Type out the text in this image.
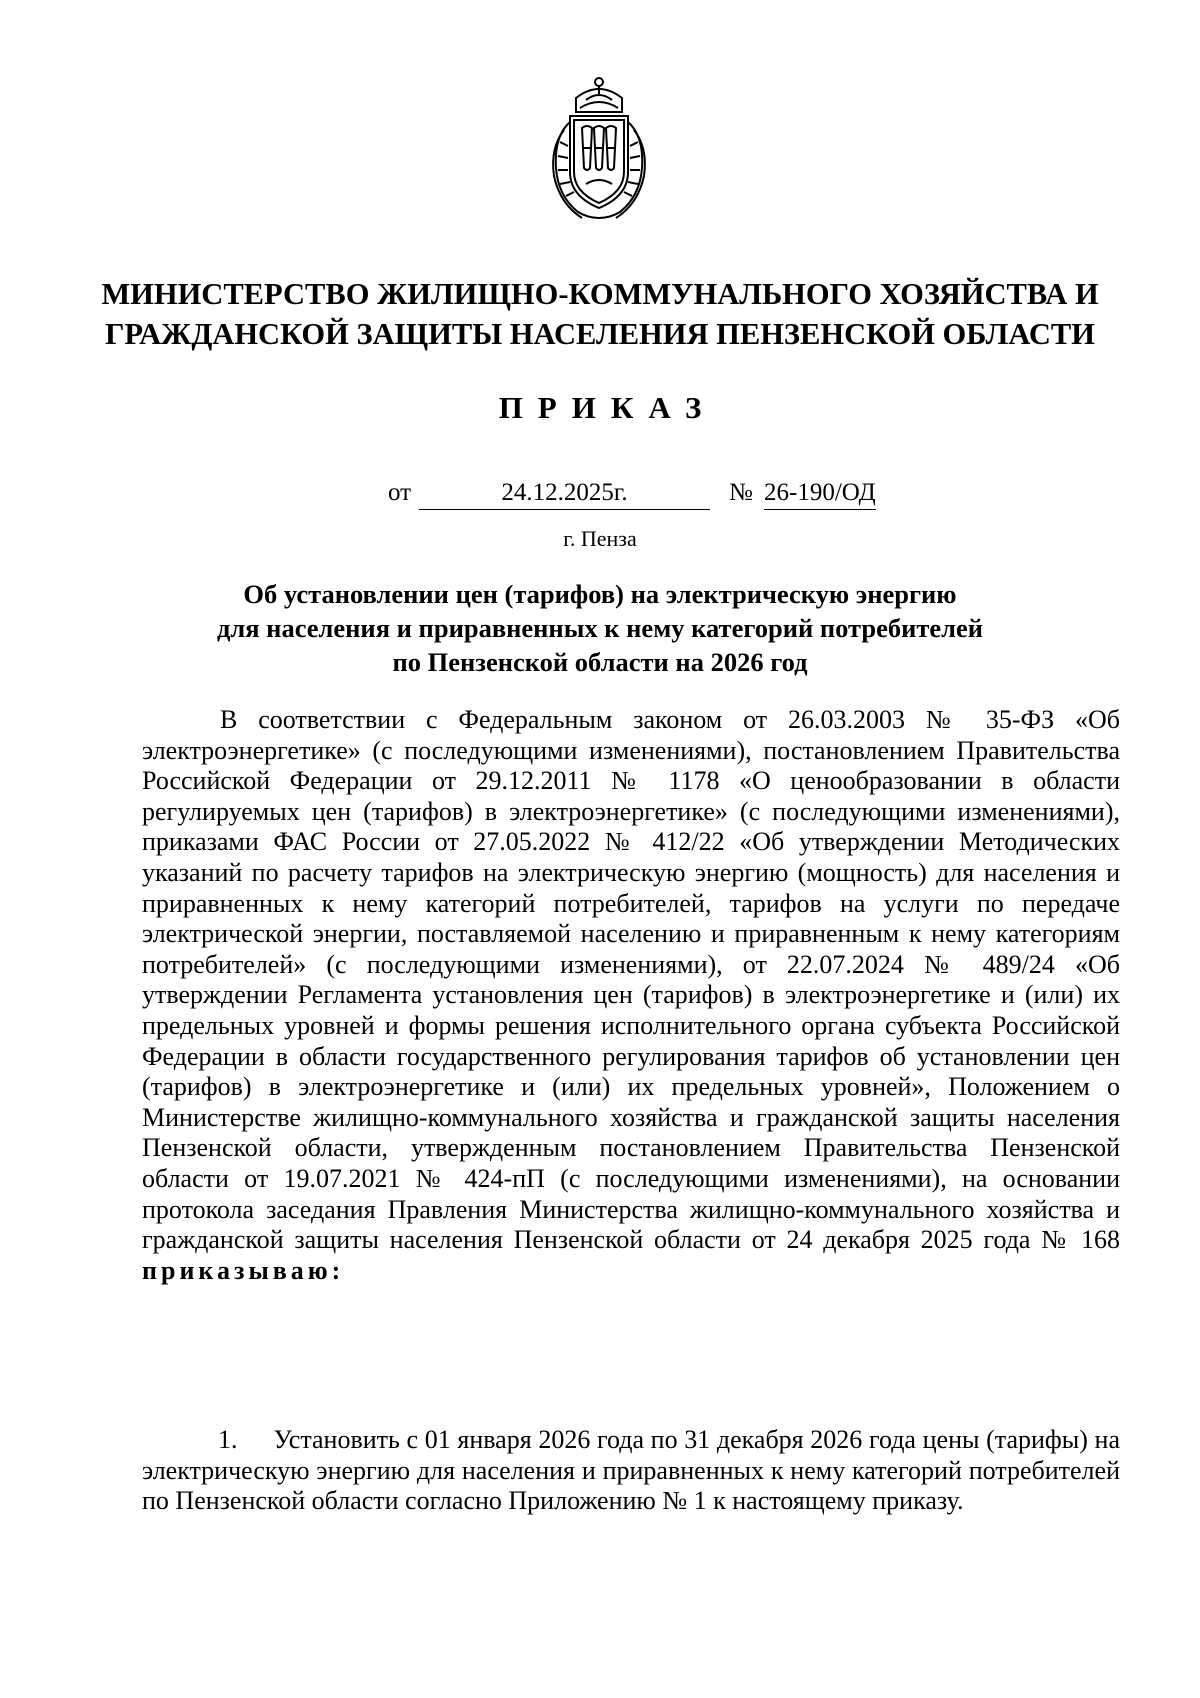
МИНИСТЕРСТВО ЖИЛИЩНО-КОММУНАЛЬНОГО ХОЗЯЙСТВА И
ГРАЖДАНСКОЙ ЗАЩИТЫ НАСЕЛЕНИЯ ПЕНЗЕНСКОЙ ОБЛАСТИ
ПРИКАЗ
от	24.12.2025г.	№ 26-190/ОД
г. Пенза
Об установлении цен (тарифов) на электрическую энергию
для населения и приравненных к нему категорий потребителей
по Пензенской области на 2026 год

В соответствии с Федеральным законом от 26.03.2003 № 35-ФЗ «Об электроэнергетике» (с последующими изменениями), постановлением Правительства Российской Федерации от 29.12.2011 № 1178 «О ценообразовании в области регулируемых цен (тарифов) в электроэнергетике» (с последующими изменениями), приказами ФАС России от 27.05.2022 № 412/22 «Об утверждении Методических указаний по расчету тарифов на электрическую энергию (мощность) для населения и приравненных к нему категорий потребителей, тарифов на услуги по передаче электрической энергии, поставляемой населению и приравненным к нему категориям потребителей» (с последующими изменениями), от 22.07.2024 № 489/24 «Об утверждении Регламента установления цен (тарифов) в электроэнергетике и (или) их предельных уровней и формы решения исполнительного органа субъекта Российской Федерации в области государственного регулирования тарифов об установлении цен (тарифов) в электроэнергетике и (или) их предельных уровней», Положением о Министерстве жилищно-коммунального хозяйства и гражданской защиты населения Пензенской области, утвержденным постановлением Правительства Пензенской области от 19.07.2021 № 424-пП (с последующими изменениями), на основании протокола заседания Правления Министерства жилищно-коммунального хозяйства и гражданской защиты населения Пензенской области от 24 декабря 2025 года № 168 приказываю:

1. Установить с 01 января 2026 года по 31 декабря 2026 года цены (тарифы) на электрическую энергию для населения и приравненных к нему категорий потребителей по Пензенской области согласно Приложению № 1 к настоящему приказу.
